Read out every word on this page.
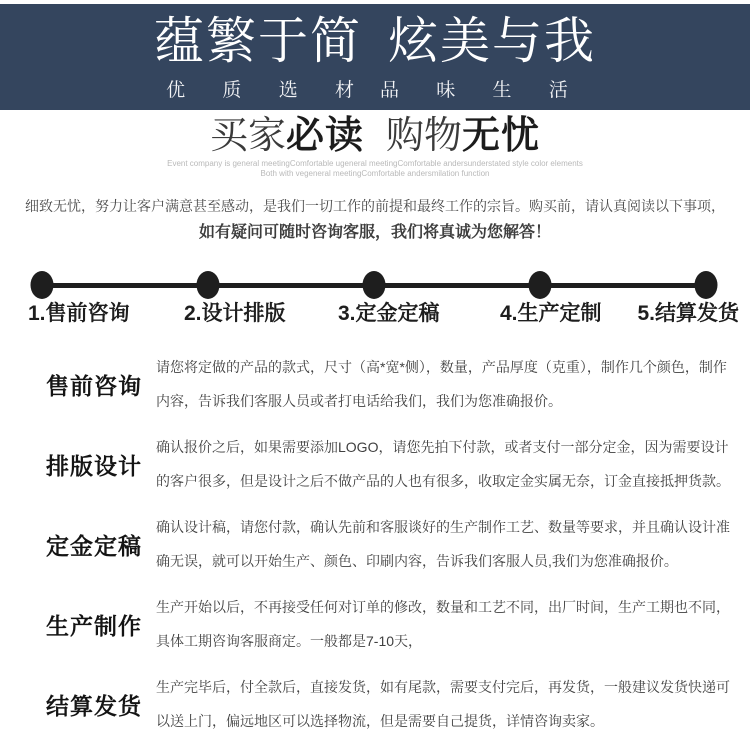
蕴繁于简 炫美与我
优 质 选 材 品 味 生 活
买家必读 购物无忧
Event company is general meetingComfortable ugeneral meetingComfortable andersunderstated style color elements
Both with vegeneral meetingComfortable andersmilation function
细致无忧，努力让客户满意甚至感动，是我们一切工作的前提和最终工作的宗旨。购买前，请认真阅读以下事项，
如有疑问可随时咨询客服，我们将真诚为您解答！
1.售前咨询	2.设计排版 3.定金定稿	4.生产定制 5.结算发货
售前咨询
请您将定做的产品的款式，尺寸（高*宽*侧），数量，产品厚度（克重），制作几个颜色，制作内容，告诉我们客服人员或者打电话给我们，我们为您准确报价。
排版设计
确认报价之后，如果需要添加LOGO，请您先拍下付款，或者支付一部分定金，因为需要设计的客户很多，但是设计之后不做产品的人也有很多，收取定金实属无奈，订金直接抵押货款。
定金定稿
确认设计稿，请您付款，确认先前和客服谈好的生产制作工艺、数量等要求，并且确认设计准确无误，就可以开始生产、颜色、印刷内容，告诉我们客服人员,我们为您准确报价。
生产制作
生产开始以后，不再接受任何对订单的修改，数量和工艺不同，出厂时间，生产工期也不同，具体工期咨询客服商定。一般都是7-10天，
结算发货
生产完毕后，付全款后，直接发货，如有尾款，需要支付完后，再发货，一般建议发货快递可以送上门，偏远地区可以选择物流，但是需要自己提货，详情咨询卖家。
